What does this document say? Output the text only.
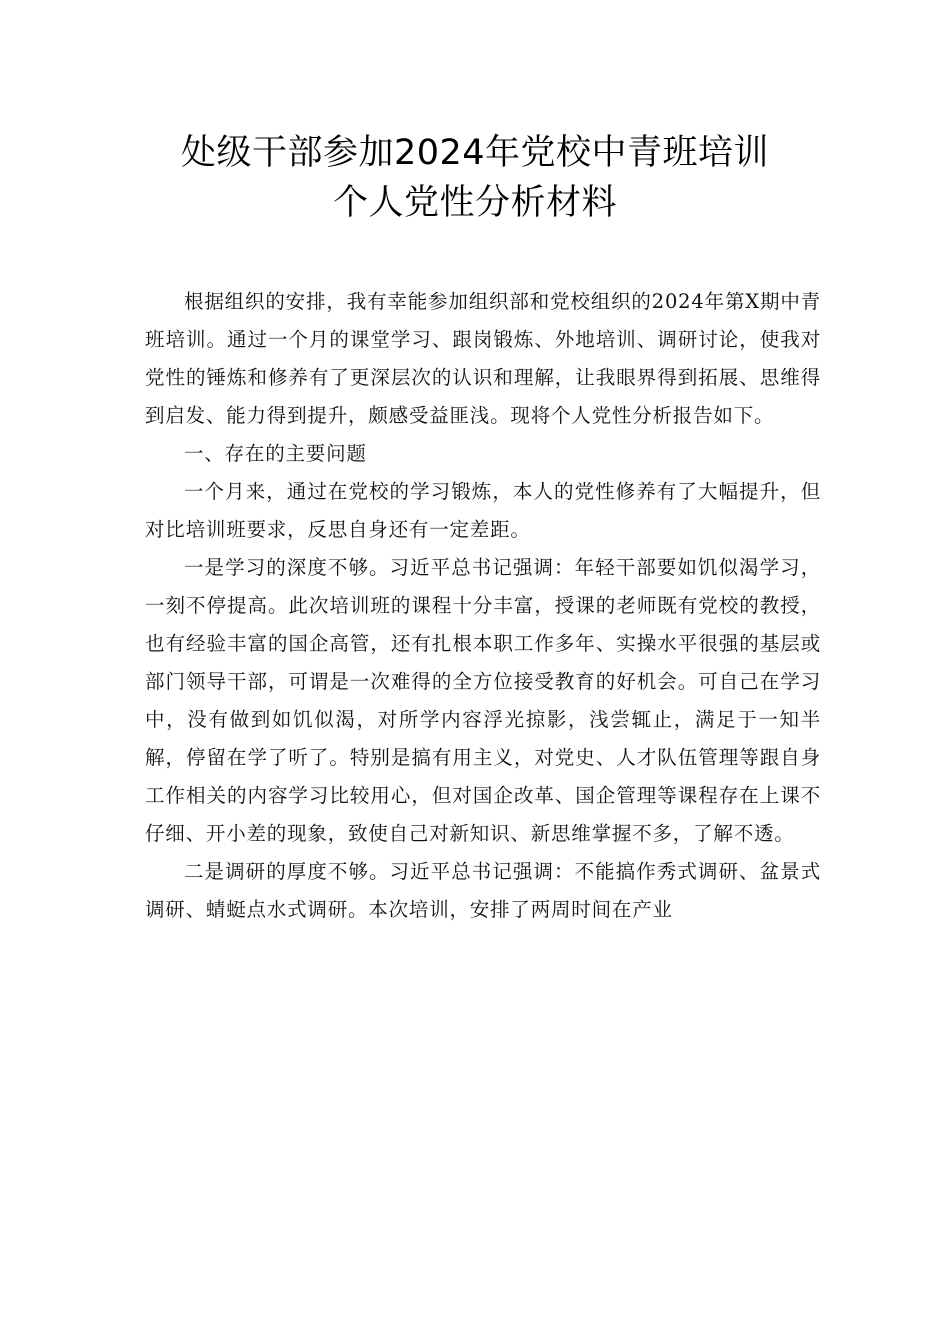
处级干部参加2024年党校中青班培训
个人党性分析材料

根据组织的安排，我有幸能参加组织部和党校组织的2024年第X期中青班培训。通过一个月的课堂学习、跟岗锻炼、外地培训、调研讨论，使我对党性的锤炼和修养有了更深层次的认识和理解，让我眼界得到拓展、思维得到启发、能力得到提升，颇感受益匪浅。现将个人党性分析报告如下。

一、存在的主要问题

一个月来，通过在党校的学习锻炼，本人的党性修养有了大幅提升，但对比培训班要求，反思自身还有一定差距。

一是学习的深度不够。习近平总书记强调：年轻干部要如饥似渴学习，一刻不停提高。此次培训班的课程十分丰富，授课的老师既有党校的教授，也有经验丰富的国企高管，还有扎根本职工作多年、实操水平很强的基层或部门领导干部，可谓是一次难得的全方位接受教育的好机会。可自己在学习中，没有做到如饥似渴，对所学内容浮光掠影，浅尝辄止，满足于一知半解，停留在学了听了。特别是搞有用主义，对党史、人才队伍管理等跟自身工作相关的内容学习比较用心，但对国企改革、国企管理等课程存在上课不仔细、开小差的现象，致使自己对新知识、新思维掌握不多，了解不透。

二是调研的厚度不够。习近平总书记强调：不能搞作秀式调研、盆景式调研、蜻蜓点水式调研。本次培训，安排了两周时间在产业
